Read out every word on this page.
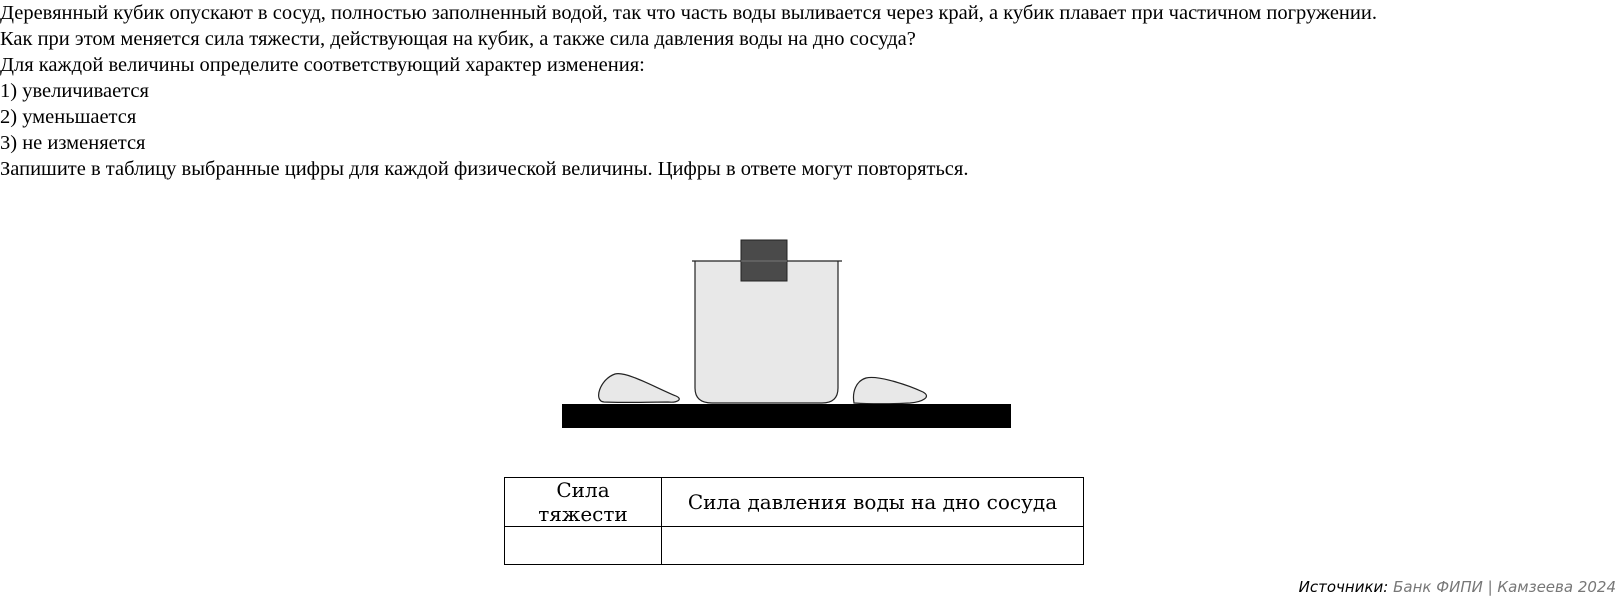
Деревянный кубик опускают в сосуд, полностью заполненный водой, так что часть воды выливается через край, а кубик плавает при частичном погружении.
Как при этом меняется сила тяжести, действующая на кубик, а также сила давления воды на дно сосуда?
Для каждой величины определите соответствующий характер изменения:
1) увеличивается
2) уменьшается
3) не изменяется
Запишите в таблицу выбранные цифры для каждой физической величины. Цифры в ответе могут повторяться.
Сила тяжести	Сила давления воды на дно сосуда

Источники: Банк ФИПИ | Камзеева 2024
